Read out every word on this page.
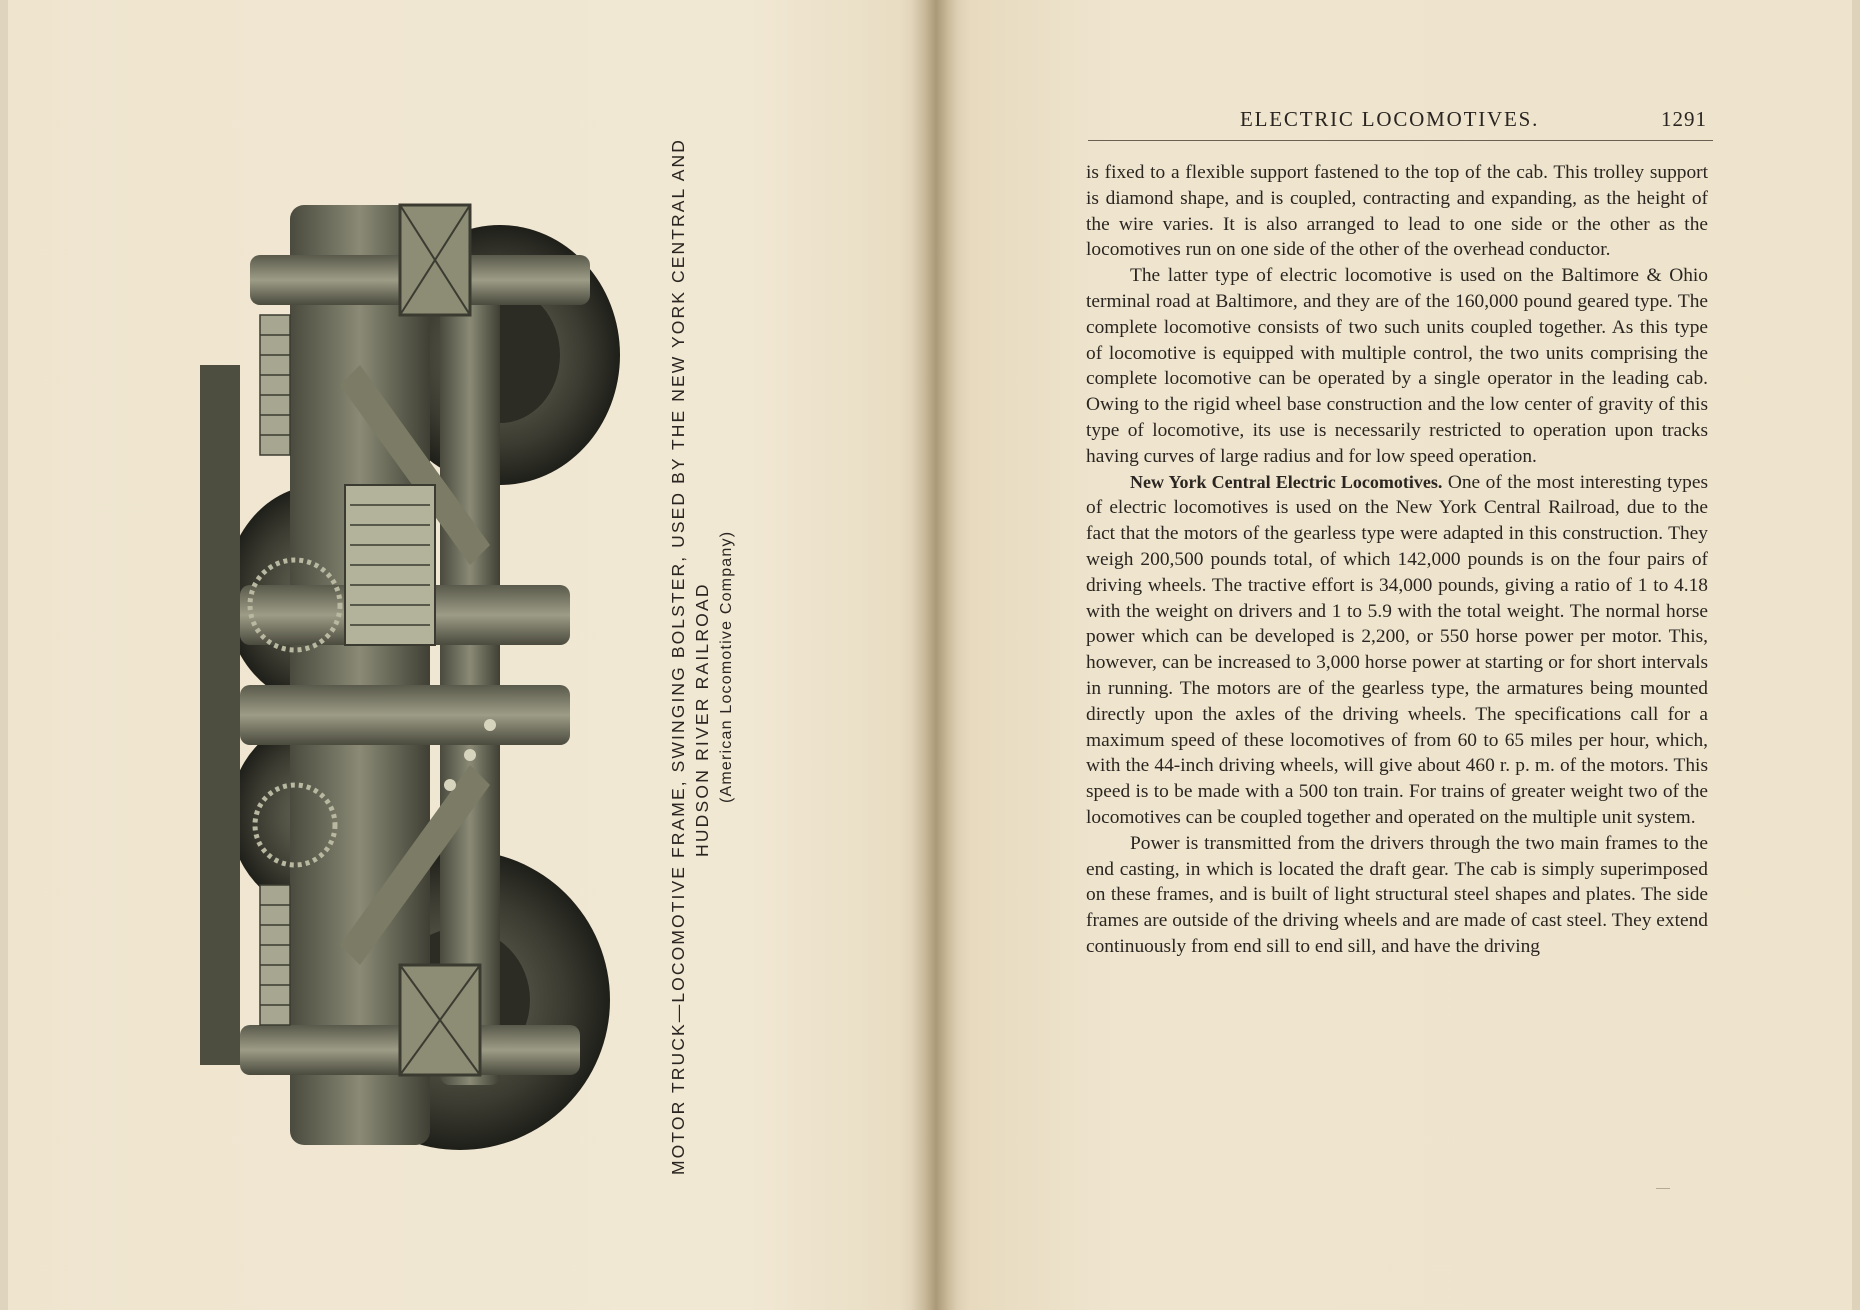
MOTOR TRUCK—LOCOMOTIVE FRAME, SWINGING BOLSTER, USED BY THE NEW YORK CENTRAL AND HUDSON RIVER RAILROAD (American Locomotive Company)
ELECTRIC LOCOMOTIVES.	1291

is fixed to a flexible support fastened to the top of the cab. This trolley support is diamond shape, and is coupled, contracting and expanding, as the height of the wire varies. It is also arranged to lead to one side or the other as the locomotives run on one side of the other of the overhead conductor.

The latter type of electric locomotive is used on the Baltimore & Ohio terminal road at Baltimore, and they are of the 160,000 pound geared type. The complete locomotive consists of two such units coupled together. As this type of locomotive is equipped with multiple control, the two units comprising the complete locomotive can be operated by a single operator in the leading cab. Owing to the rigid wheel base construction and the low center of gravity of this type of locomotive, its use is necessarily restricted to operation upon tracks having curves of large radius and for low speed operation.

New York Central Electric Locomotives. One of the most interesting types of electric locomotives is used on the New York Central Railroad, due to the fact that the motors of the gearless type were adapted in this construction. They weigh 200,500 pounds total, of which 142,000 pounds is on the four pairs of driving wheels. The tractive effort is 34,000 pounds, giving a ratio of 1 to 4.18 with the weight on drivers and 1 to 5.9 with the total weight. The normal horse power which can be developed is 2,200, or 550 horse power per motor. This, however, can be increased to 3,000 horse power at starting or for short intervals in running. The motors are of the gearless type, the armatures being mounted directly upon the axles of the driving wheels. The specifications call for a maximum speed of these locomotives of from 60 to 65 miles per hour, which, with the 44-inch driving wheels, will give about 460 r. p. m. of the motors. This speed is to be made with a 500 ton train. For trains of greater weight two of the locomotives can be coupled together and operated on the multiple unit system.

Power is transmitted from the drivers through the two main frames to the end casting, in which is located the draft gear. The cab is simply superimposed on these frames, and is built of light structural steel shapes and plates. The side frames are outside of the driving wheels and are made of cast steel. They extend continuously from end sill to end sill, and have the driving
